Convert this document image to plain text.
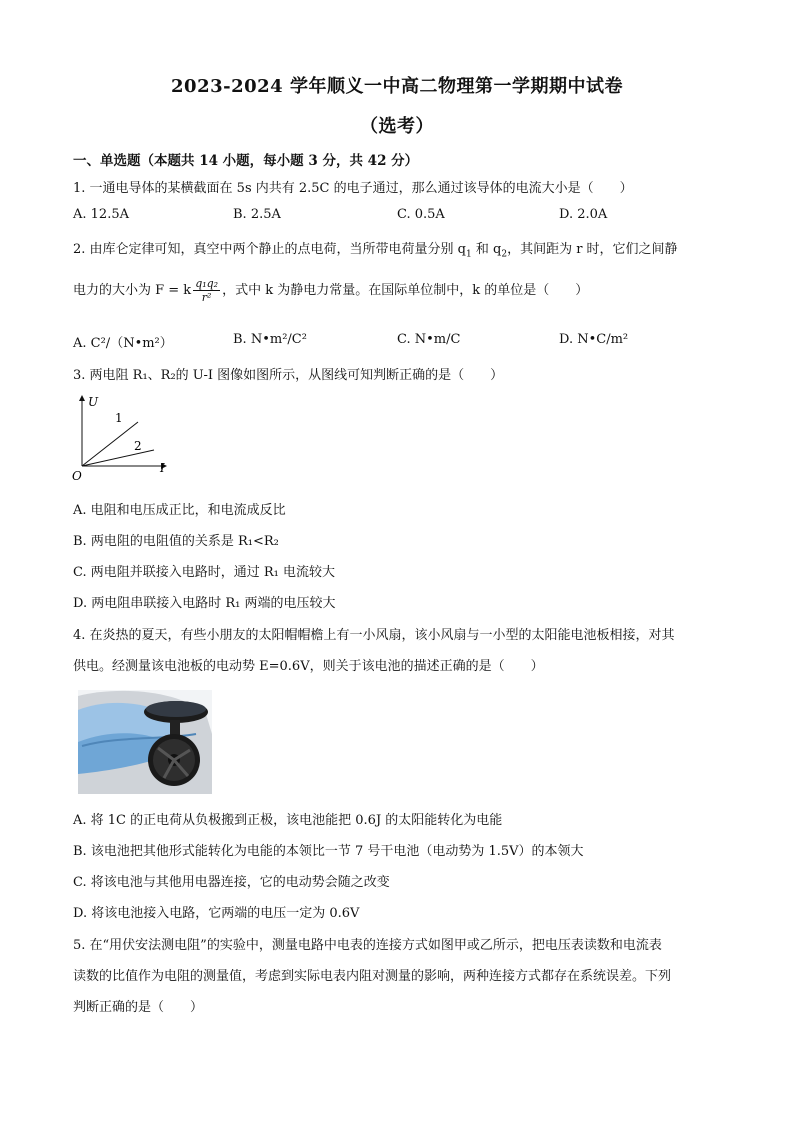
2023-2024 学年顺义一中高二物理第一学期期中试卷
（选考）
一、单选题（本题共 14 小题，每小题 3 分，共 42 分）
1. 一通电导体的某横截面在 5s 内共有 2.5C 的电子通过，那么通过该导体的电流大小是（　　）
A. 12.5A	B. 2.5A	C. 0.5A	D. 2.0A
2. 由库仑定律可知，真空中两个静止的点电荷，当所带电荷量分别 $q_1$ 和 $q_2$，其间距为 r 时，它们之间静
电力的大小为 F = k $\frac{\text{q₁q₂}}{\text{r²}}$ ，式中 k 为静电力常量。在国际单位制中，k 的单位是（　　）
A. C²/（N•m²）	B. N•m²/C²	C. N•m/C	D. N•C/m²
3. 两电阻 R₁、R₂的 U-I 图像如图所示，从图线可知判断正确的是（　　）
U
I
O
1
2
A. 电阻和电压成正比，和电流成反比
B. 两电阻的电阻值的关系是 R₁<R₂
C. 两电阻并联接入电路时，通过 R₁ 电流较大
D. 两电阻串联接入电路时 R₁ 两端的电压较大
4. 在炎热的夏天，有些小朋友的太阳帽帽檐上有一小风扇，该小风扇与一小型的太阳能电池板相接，对其
供电。经测量该电池板的电动势 E=0.6V，则关于该电池的描述正确的是（　　）
A. 将 1C 的正电荷从负极搬到正极，该电池能把 0.6J 的太阳能转化为电能
B. 该电池把其他形式能转化为电能的本领比一节 7 号干电池（电动势为 1.5V）的本领大
C. 将该电池与其他用电器连接，它的电动势会随之改变
D. 将该电池接入电路，它两端的电压一定为 0.6V
5. 在“用伏安法测电阻”的实验中，测量电路中电表的连接方式如图甲或乙所示，把电压表读数和电流表
读数的比值作为电阻的测量值，考虑到实际电表内阻对测量的影响，两种连接方式都存在系统误差。下列
判断正确的是（　　）
